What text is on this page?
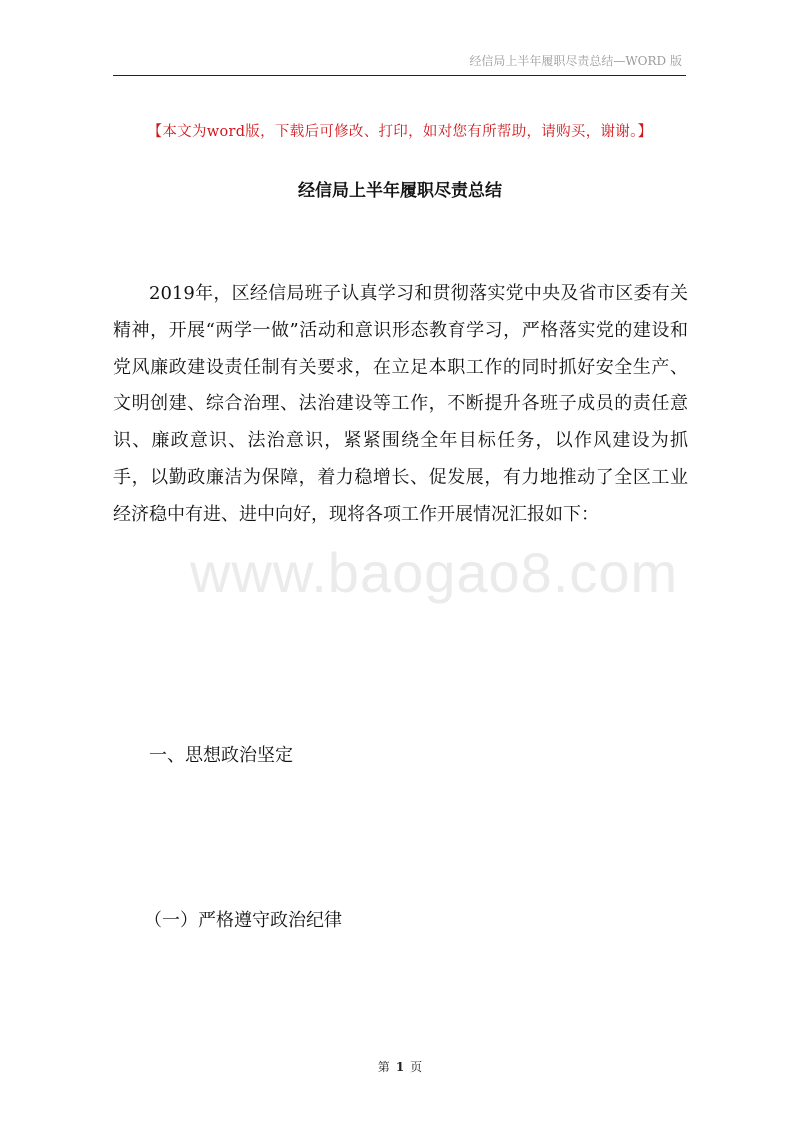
www.baogao8.com
经信局上半年履职尽责总结—WORD 版
【本文为word版，下载后可修改、打印，如对您有所帮助，请购买，谢谢。】
经信局上半年履职尽责总结

2019年，区经信局班子认真学习和贯彻落实党中央及省市区委有关精神，开展“两学一做”活动和意识形态教育学习，严格落实党的建设和党风廉政建设责任制有关要求，在立足本职工作的同时抓好安全生产、文明创建、综合治理、法治建设等工作，不断提升各班子成员的责任意识、廉政意识、法治意识，紧紧围绕全年目标任务，以作风建设为抓手，以勤政廉洁为保障，着力稳增长、促发展，有力地推动了全区工业经济稳中有进、进中向好，现将各项工作开展情况汇报如下：

一、思想政治坚定
（一）严格遵守政治纪律
第 1 页
